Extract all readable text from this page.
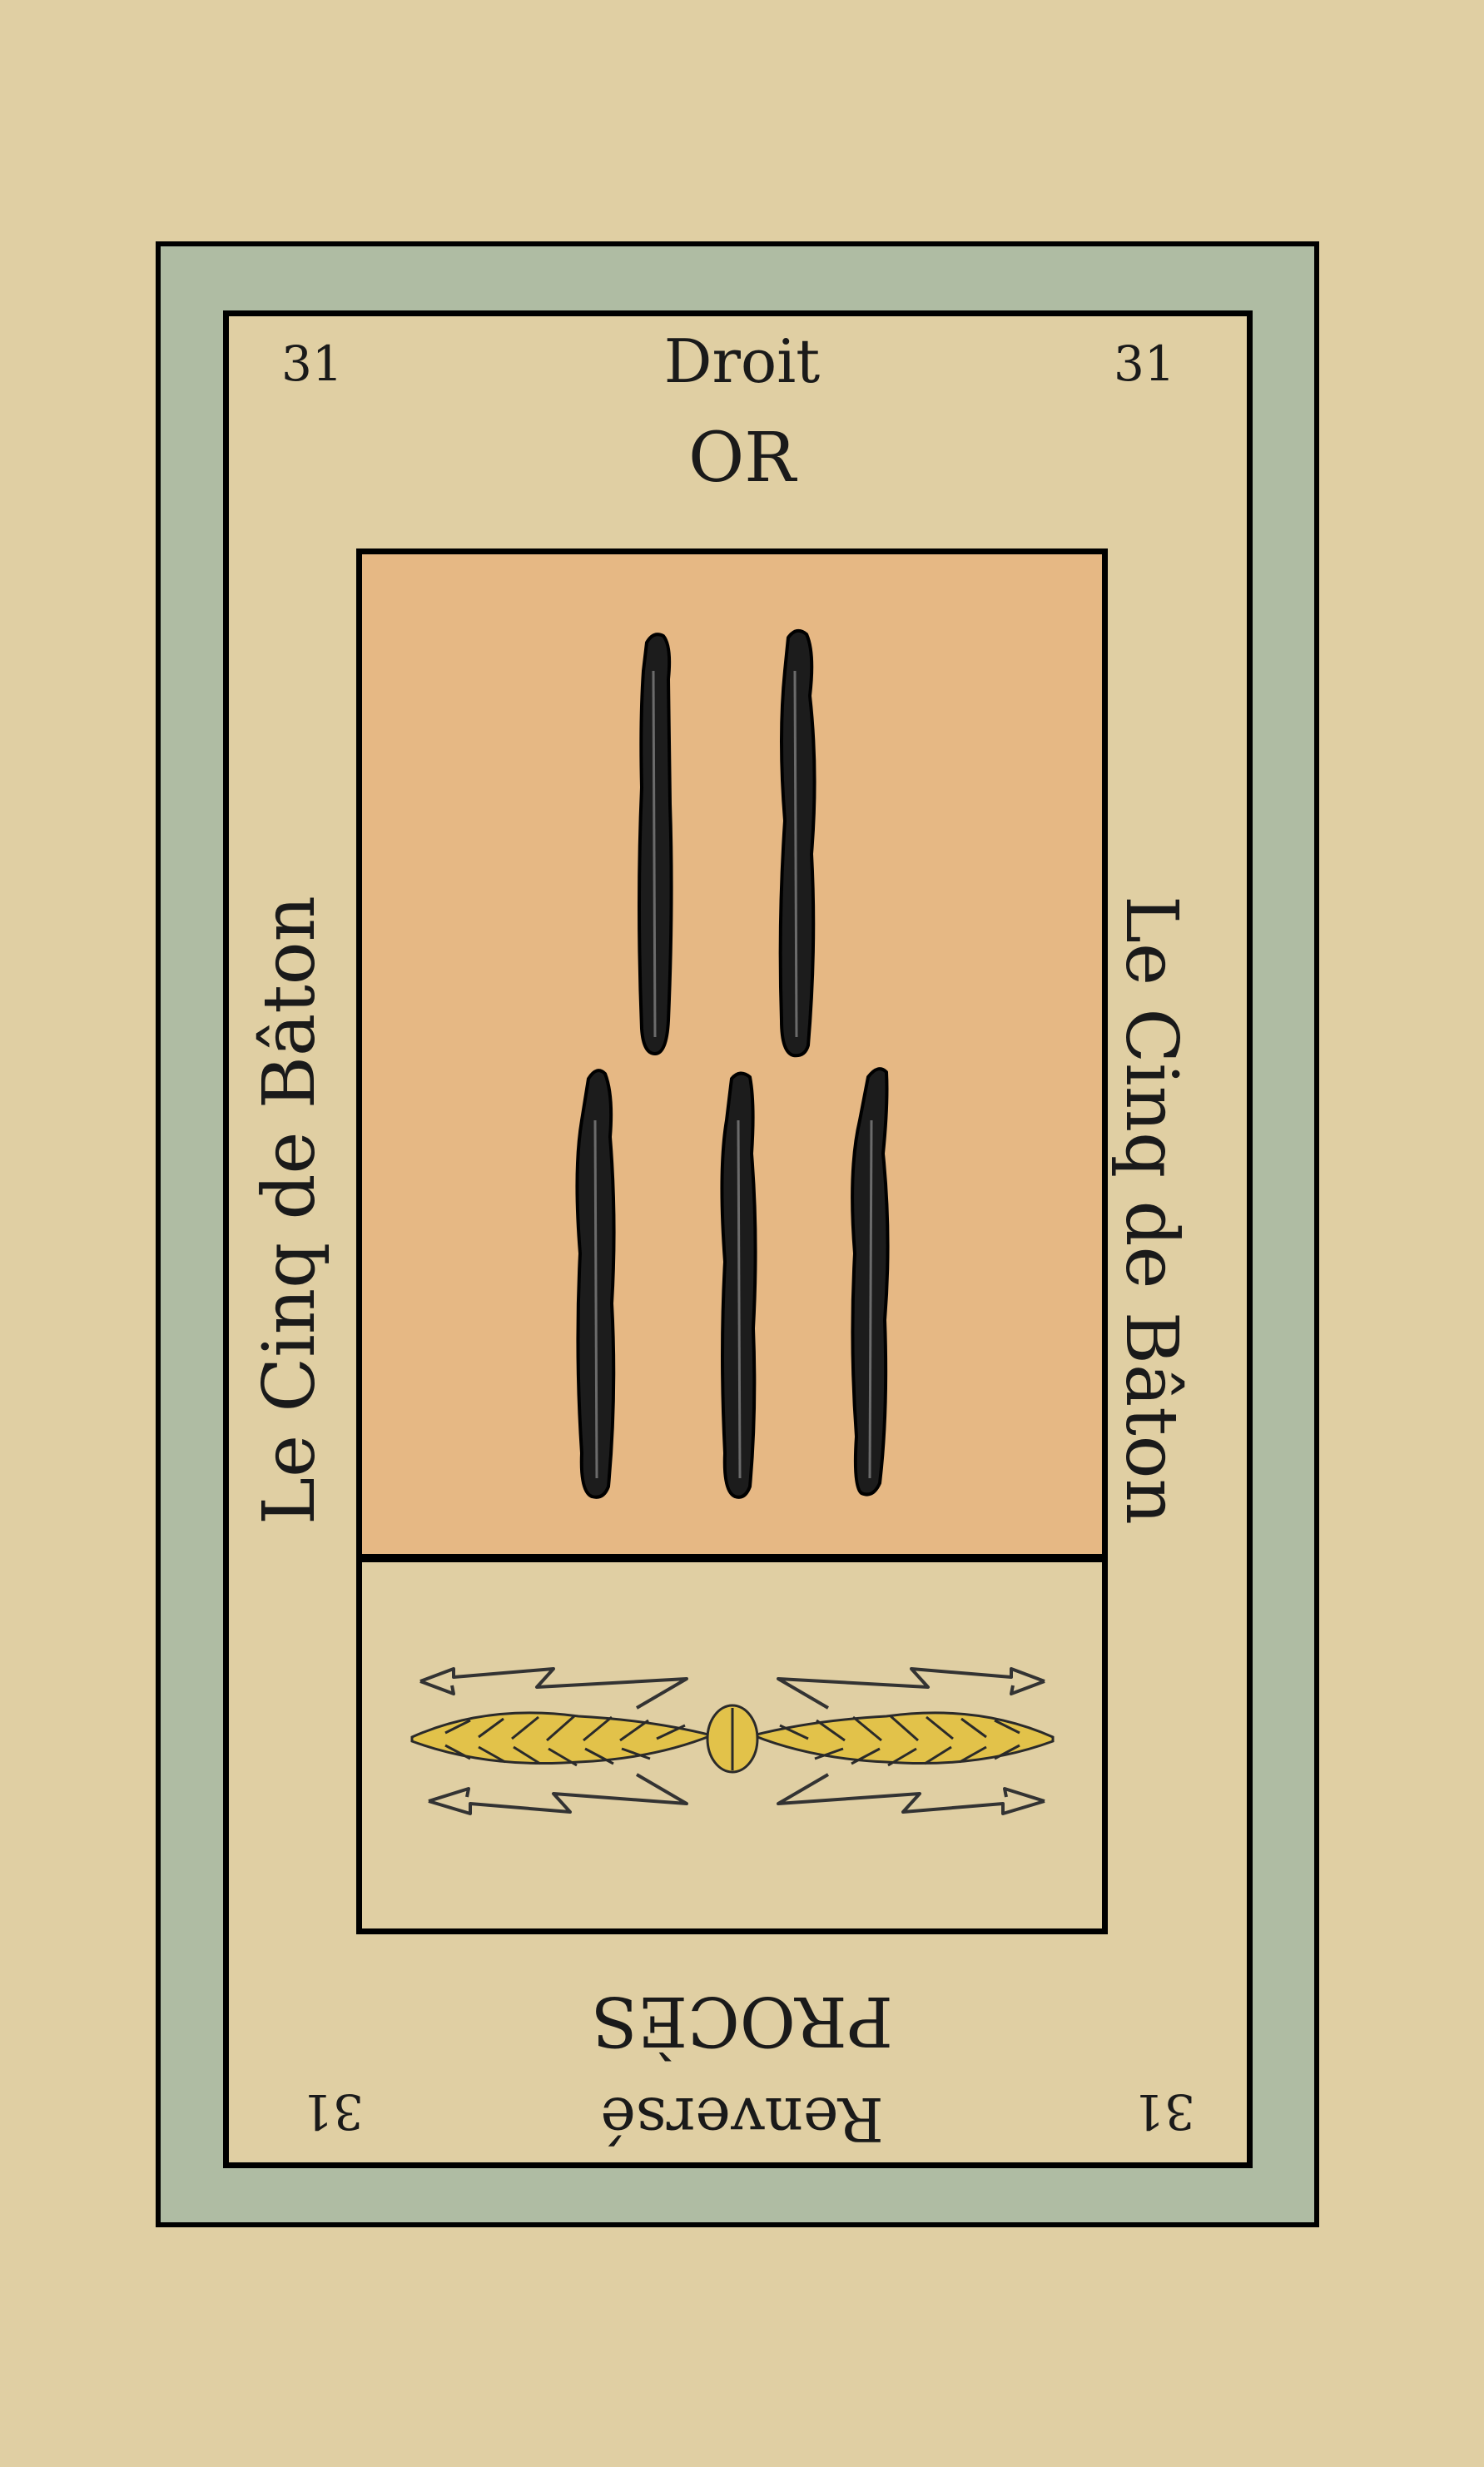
31	31
Droit
OR
Le Cinq de Bâton	Le Cinq de Bâton
PROCÈS
Renversé
31	31
